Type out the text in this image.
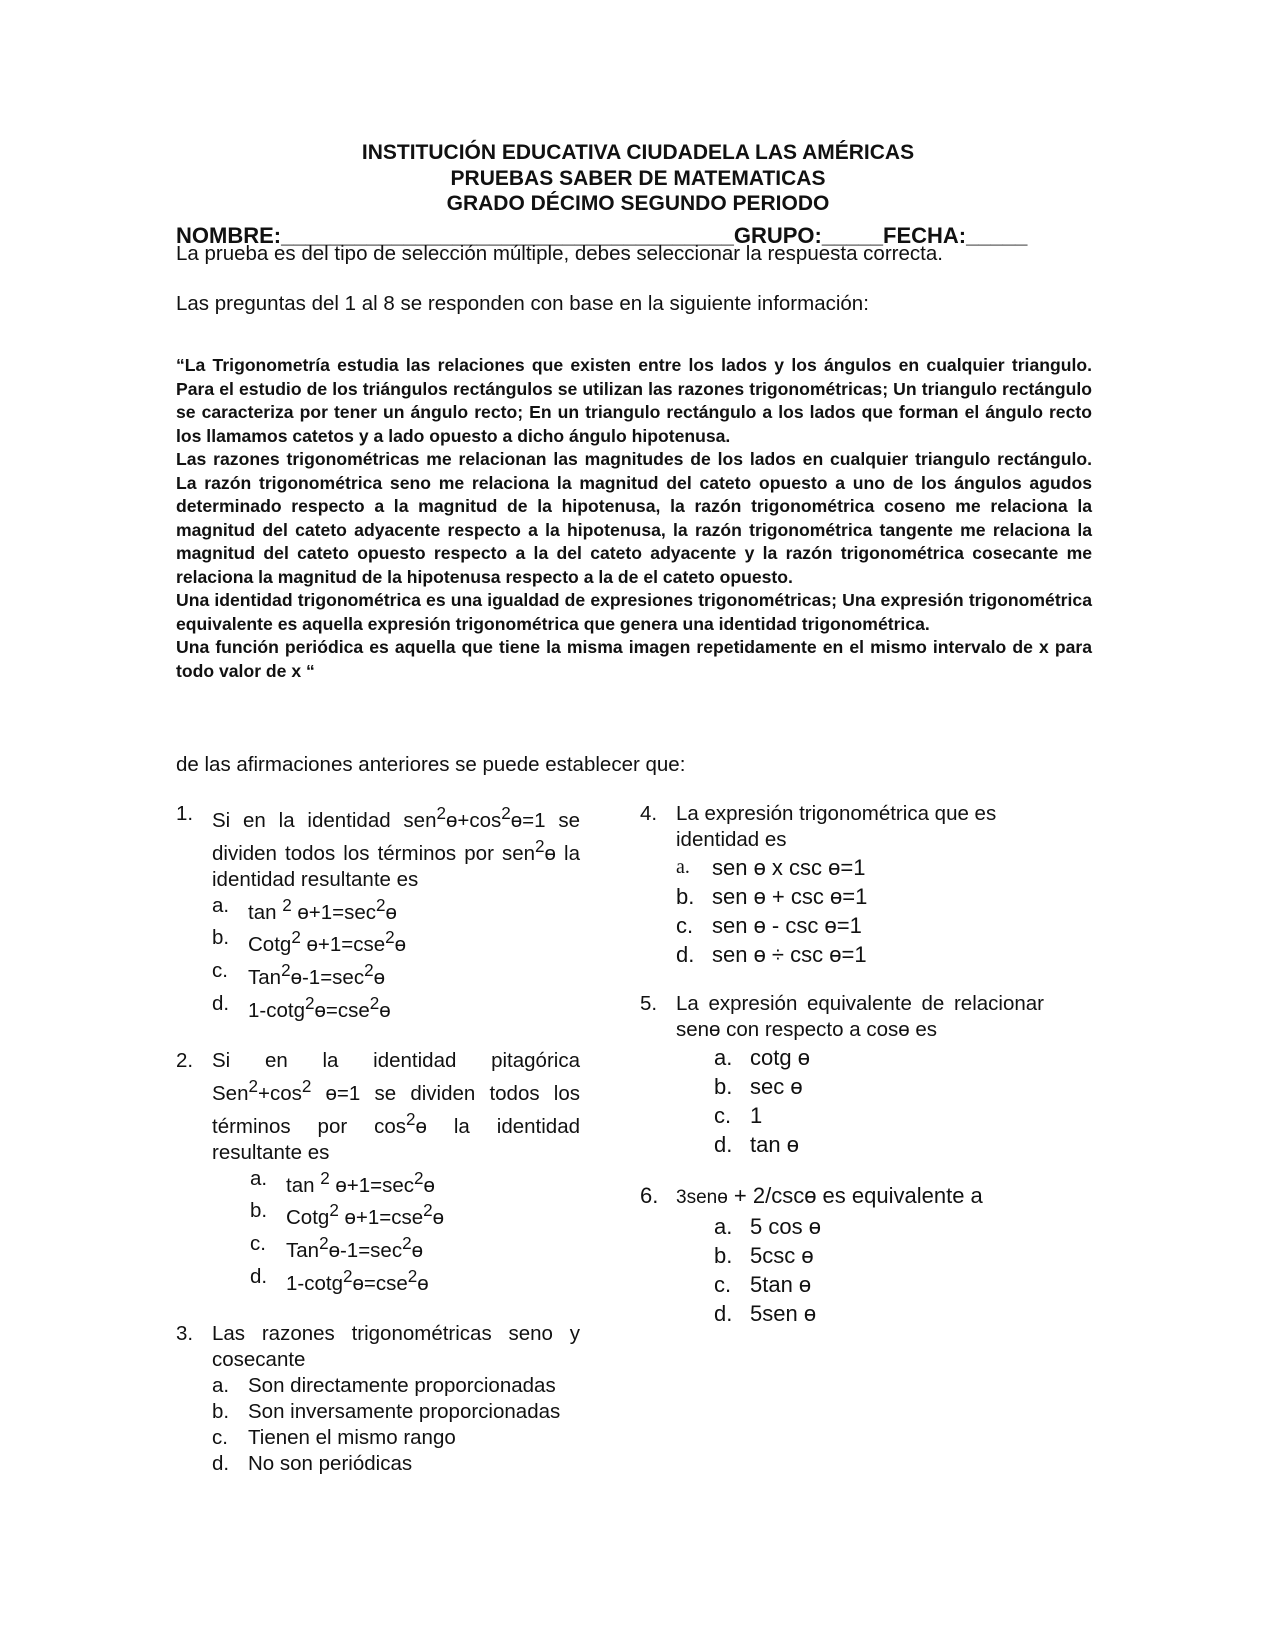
INSTITUCIÓN EDUCATIVA CIUDADELA LAS AMÉRICAS
PRUEBAS SABER DE MATEMATICAS
GRADO DÉCIMO SEGUNDO PERIODO
NOMBRE:_____________________________________GRUPO:_____FECHA:_____
La prueba es del tipo de selección múltiple, debes seleccionar la respuesta correcta.
Las preguntas del 1 al 8 se responden con base en la siguiente información:

“La Trigonometría estudia las relaciones que existen entre los lados y los ángulos en cualquier triangulo. Para el estudio de los triángulos rectángulos se utilizan las razones trigonométricas; Un triangulo rectángulo se caracteriza por tener un ángulo recto; En un triangulo rectángulo a los lados que forman el ángulo recto los llamamos catetos y a lado opuesto a dicho ángulo hipotenusa.

Las razones trigonométricas me relacionan las magnitudes de los lados en cualquier triangulo rectángulo. La razón trigonométrica seno me relaciona la magnitud del cateto opuesto a uno de los ángulos agudos determinado respecto a la magnitud de la hipotenusa, la razón trigonométrica coseno me relaciona la magnitud del cateto adyacente respecto a la hipotenusa, la razón trigonométrica tangente me relaciona la magnitud del cateto opuesto respecto a la del cateto adyacente y la razón trigonométrica cosecante me relaciona la magnitud de la hipotenusa respecto a la de el cateto opuesto.

Una identidad trigonométrica es una igualdad de expresiones trigonométricas; Una expresión trigonométrica equivalente es aquella expresión trigonométrica que genera una identidad trigonométrica.

Una función periódica es aquella que tiene la misma imagen repetidamente en el mismo intervalo de x para todo valor de x “

de las afirmaciones anteriores se puede establecer que:
1. Si en la identidad $sen^2ɵ+\cos^2ɵ=1$ se dividen todos los términos por sen$^2$ɵ la identidad resultante es
a. tan $^2$ $ɵ+1=\sec^2ɵ$
b. Cotg$^2$ ɵ+1=cse$^2$ɵ
c. $Tan^2ɵ-1=\sec^2ɵ$
d. 1-cotg$^2$ɵ=cse$^2$ɵ
2. Si en la identidad pitagórica
$Sen^2+\cos^2$ ɵ=1 se dividen todos los términos por $\cos^2ɵ$ la identidad resultante es
a. tan $^2$ $ɵ+1=\sec^2ɵ$
b. Cotg$^2$ ɵ+1=cse$^2$ɵ
c. $Tan^2ɵ-1=\sec^2ɵ$
d. 1-cotg$^2$ɵ=cse$^2$ɵ
3. Las razones trigonométricas seno y cosecante
a. Son directamente proporcionadas
b. Son inversamente proporcionadas
c. Tienen el mismo rango
d. No son periódicas
4. La expresión trigonométrica que es identidad es
a. sen ɵ x csc ɵ=1
b. sen ɵ + csc ɵ=1
c. sen ɵ - csc ɵ=1
d. sen ɵ ÷ csc ɵ=1
5. La expresión equivalente de relacionar senɵ con respecto a cosɵ es
a. cotg ɵ
b. sec ɵ
c. 1
d. tan ɵ
6. 3senɵ + 2/cscɵ es equivalente a
a. 5 cos ɵ
b. 5csc ɵ
c. 5tan ɵ
d. 5sen ɵ
